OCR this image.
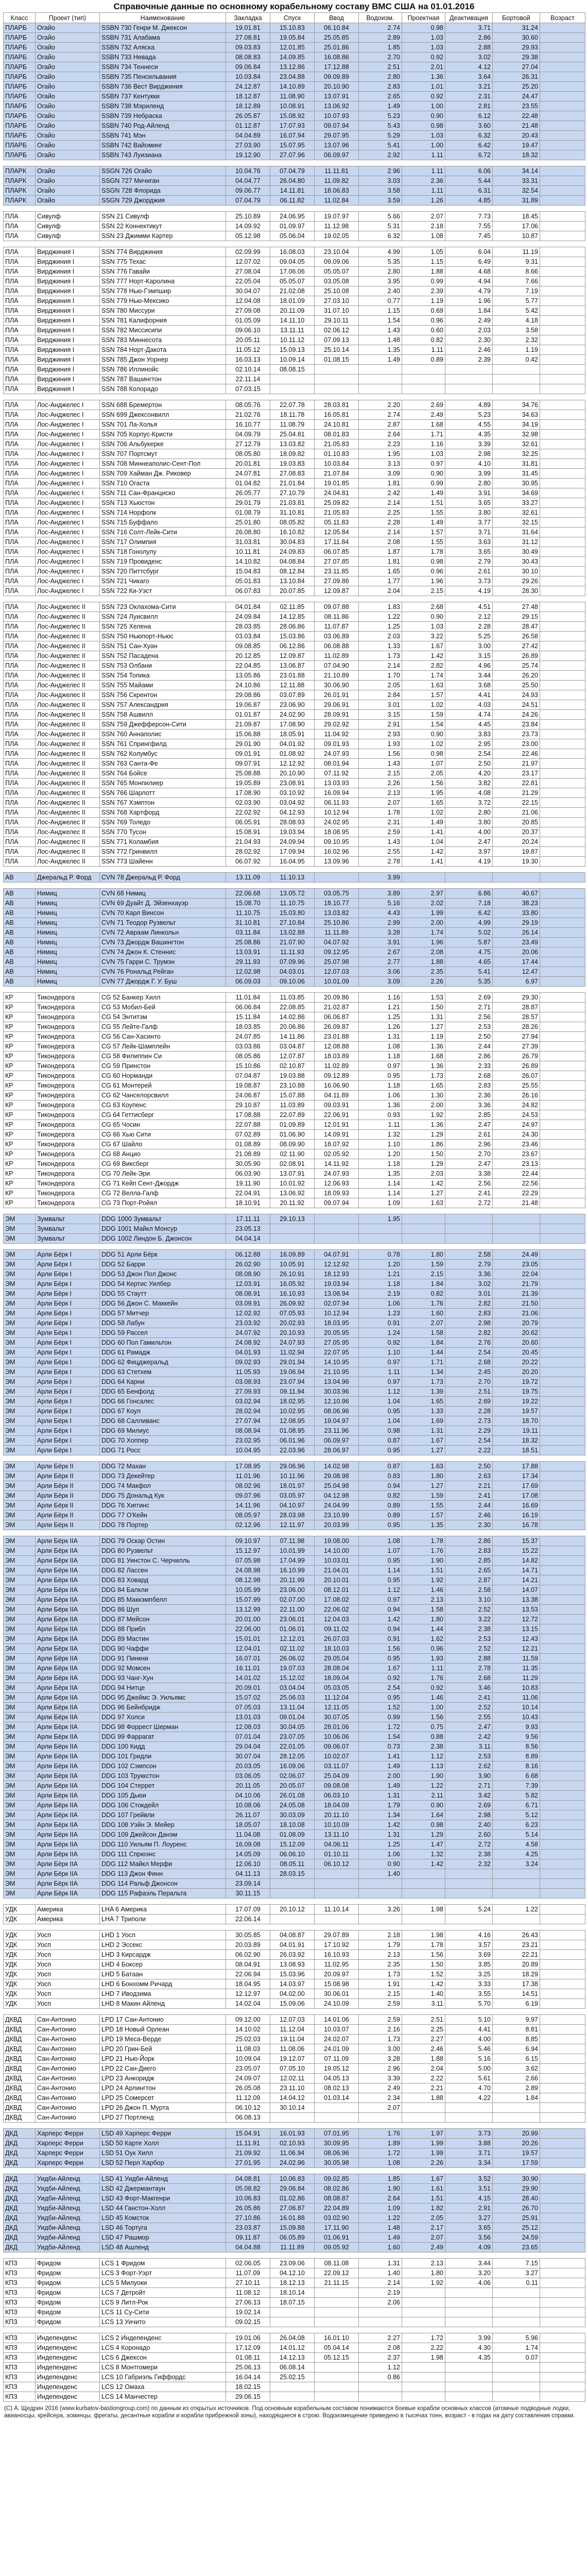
Справочные данные по основному корабельному составу ВМС США на 01.01.2016
Класс	Проект (тип)	Наименование	Закладка	Спуск	Ввод	Водоизм.	Проектная	Деактивация	Бортовой	Возраст
ПЛАРБ	Огайо	SSBN 730 Генри М. Джексон	19.01.81	15.10.83	06.10.84	2.74	0.98	3.71	31.24	
ПЛАРБ	Огайо	SSBN 731 Алабама	27.08.81	19.05.84	25.05.85	2.89	1.03	2.86	30.60	
ПЛАРБ	Огайо	SSBN 732 Аляска	09.03.83	12.01.85	25.01.86	1.85	1.03	2.88	29.93	
ПЛАРБ	Огайо	SSBN 733 Невада	08.08.83	14.09.85	16.08.86	2.70	0.92	3.02	29.38	
ПЛАРБ	Огайо	SSBN 734 Теннеси	09.06.84	13.12.86	17.12.88	2.51	2.01	4.12	27.04	
ПЛАРБ	Огайо	SSBN 735 Пенсильвания	10.03.84	23.04.88	09.09.89	2.80	1.36	3.64	26.31	
ПЛАРБ	Огайо	SSBN 736 Вест Вирджиния	24.12.87	14.10.89	20.10.90	2.83	1.01	3.21	25.20	
ПЛАРБ	Огайо	SSBN 737 Кентукки	18.12.87	11.08.90	13.07.91	2.65	0.92	2.31	24.47	
ПЛАРБ	Огайо	SSBN 738 Мэриленд	18.12.89	10.08.91	13.06.92	1.49	1.00	2.81	23.55	
ПЛАРБ	Огайо	SSBN 739 Небраска	26.05.87	15.08.92	10.07.93	5.23	0.90	6.12	22.48	
ПЛАРБ	Огайо	SSBN 740 Род-Айленд	01.12.87	17.07.93	09.07.94	5.43	0.98	3.60	21.48	
ПЛАРБ	Огайо	SSBN 741 Мэн	04.04.89	16.07.94	29.07.95	5.29	1.03	6.32	20.43	
ПЛАРБ	Огайо	SSBN 742 Вайоминг	27.03.90	15.07.95	13.07.96	5.41	1.00	6.42	19.47	
ПЛАРБ	Огайо	SSBN 743 Луизиана	19.12.90	27.07.96	06.09.97	2.92	1.11	6.72	18.32	

ПЛАРК	Огайо	SSGN 726 Огайо	10.04.76	07.04.79	11.11.81	2.96	1.11	6.06	34.14	
ПЛАРК	Огайо	SSGN 727 Мичиган	04.04.77	26.04.80	11.09.82	3.03	2.36	5.44	33.31	
ПЛАРК	Огайо	SSGN 728 Флорида	09.06.77	14.11.81	18.06.83	3.58	1.11	6.31	32.54	
ПЛАРК	Огайо	SSGN 729 Джорджия	07.04.79	06.11.82	11.02.84	3.59	1.26	4.85	31.89	

ПЛА	Сивулф	SSN 21 Сивулф	25.10.89	24.06.95	19.07.97	5.66	2.07	7.73	18.45	
ПЛА	Сивулф	SSN 22 Коннектикут	14.09.92	01.09.97	11.12.98	5.31	2.18	7.55	17.06	
ПЛА	Сивулф	SSN 23 Джимми Картер	05.12.98	05.06.04	19.02.05	6.32	1.08	7.45	10.87	

ПЛА	Вирджиния I	SSN 774 Вирджиния	02.09.99	16.08.03	23.10.04	4.99	1.05	6.04	11.19	
ПЛА	Вирджиния I	SSN 775 Техас	12.07.02	09.04.05	09.09.06	5.35	1.15	6.49	9.31	
ПЛА	Вирджиния I	SSN 776 Гавайи	27.08.04	17.06.06	05.05.07	2.80	1.88	4.68	8.66	
ПЛА	Вирджиния I	SSN 777 Норт-Каролина	22.05.04	05.05.07	03.05.08	3.95	0.99	4.94	7.66	
ПЛА	Вирджиния I	SSN 778 Нью-Гэмпшир	30.04.07	21.02.08	25.10.08	2.40	2.39	4.79	7.19	
ПЛА	Вирджиния I	SSN 779 Нью-Мексико	12.04.08	18.01.09	27.03.10	0.77	1.19	1.96	5.77	
ПЛА	Вирджиния I	SSN 780 Миссури	27.09.08	20.11.09	31.07.10	1.15	0.69	1.84	5.42	
ПЛА	Вирджиния I	SSN 781 Калифорния	01.05.09	14.11.10	29.10.11	1.54	0.96	2.49	4.18	
ПЛА	Вирджиния I	SSN 782 Миссисипи	09.06.10	13.11.11	02.06.12	1.43	0.60	2.03	3.58	
ПЛА	Вирджиния I	SSN 783 Миннесота	20.05.11	10.11.12	07.09.13	1.48	0.82	2.30	2.32	
ПЛА	Вирджиния I	SSN 784 Норт-Дакота	11.05.12	15.09.13	25.10.14	1.35	1.11	2.46	1.19	
ПЛА	Вирджиния I	SSN 785 Джон Уорнер	16.03.13	10.09.14	01.08.15	1.49	0.89	2.39	0.42	
ПЛА	Вирджиния I	SSN 786 Иллинойс	02.10.14	08.08.15						
ПЛА	Вирджиния I	SSN 787 Вашингтон	22.11.14							
ПЛА	Вирджиния I	SSN 788 Колорадо	07.03.15							

ПЛА	Лос-Анджелес I	SSN 688 Бремертон	08.05.76	22.07.78	28.03.81	2.20	2.69	4.89	34.76	
ПЛА	Лос-Анджелес I	SSN 699 Джексонвилл	21.02.76	18.11.78	16.05.81	2.74	2.49	5.23	34.63	
ПЛА	Лос-Анджелес I	SSN 701 Ла-Холья	16.10.77	11.08.79	24.10.81	2.87	1.68	4.55	34.19	
ПЛА	Лос-Анджелес I	SSN 705 Корпус-Кристи	04.09.79	25.04.81	08.01.83	2.64	1.71	4.35	32.98	
ПЛА	Лос-Анджелес I	SSN 706 Альбукерке	27.12.79	13.03.82	21.05.83	2.23	1.16	3.39	32.61	
ПЛА	Лос-Анджелес I	SSN 707 Портсмут	08.05.80	18.09.82	01.10.83	1.95	1.03	2.98	32.25	
ПЛА	Лос-Анджелес I	SSN 708 Миннеаполис-Сент-Пол	20.01.81	19.03.83	10.03.84	3.13	0.97	4.10	31.81	
ПЛА	Лос-Анджелес I	SSN 709 Хайман Дж. Риковер	24.07.81	27.08.83	21.07.84	3.09	0.90	3.99	31.45	
ПЛА	Лос-Анджелес I	SSN 710 Огаста	01.04.82	21.01.84	19.01.85	1.81	0.99	2.80	30.95	
ПЛА	Лос-Анджелес I	SSN 711 Сан-Франциско	26.05.77	27.10.79	24.04.81	2.42	1.49	3.91	34.69	
ПЛА	Лос-Анджелес I	SSN 713 Хьюстон	29.01.79	21.03.81	25.09.82	2.14	1.51	3.65	33.27	
ПЛА	Лос-Анджелес I	SSN 714 Норфолк	01.08.79	31.10.81	21.05.83	2.25	1.55	3.80	32.61	
ПЛА	Лос-Анджелес I	SSN 715 Буффало	25.01.80	08.05.82	05.11.83	2.28	1.49	3.77	32.15	
ПЛА	Лос-Анджелес I	SSN 716 Солт-Лейк-Сити	26.08.80	16.10.82	12.05.84	2.14	1.57	3.71	31.64	
ПЛА	Лос-Анджелес I	SSN 717 Олимпия	31.03.81	30.04.83	17.11.84	2.08	1.55	3.63	31.12	
ПЛА	Лос-Анджелес I	SSN 718 Гонолулу	10.11.81	24.09.83	06.07.85	1.87	1.78	3.65	30.49	
ПЛА	Лос-Анджелес I	SSN 719 Провиденс	14.10.82	04.08.84	27.07.85	1.81	0.98	2.79	30.43	
ПЛА	Лос-Анджелес I	SSN 720 Питтсбург	15.04.83	08.12.84	23.11.85	1.65	0.96	2.61	30.10	
ПЛА	Лос-Анджелес I	SSN 721 Чикаго	05.01.83	13.10.84	27.09.86	1.77	1.96	3.73	29.26	
ПЛА	Лос-Анджелес I	SSN 722 Ки-Уэст	06.07.83	20.07.85	12.09.87	2.04	2.15	4.19	28.30	

ПЛА	Лос-Анджелес II	SSN 723 Оклахома-Сити	04.01.84	02.11.85	09.07.88	1.83	2.68	4.51	27.48	
ПЛА	Лос-Анджелес II	SSN 724 Луисвилл	24.09.84	14.12.85	08.11.86	1.22	0.90	2.12	29.15	
ПЛА	Лос-Анджелес II	SSN 725 Хелена	28.03.85	28.06.86	11.07.87	1.25	1.03	2.28	28.47	
ПЛА	Лос-Анджелес II	SSN 750 Ньюпорт-Ньюс	03.03.84	15.03.86	03.06.89	2.03	3.22	5.25	26.58	
ПЛА	Лос-Анджелес II	SSN 751 Сан-Хуан	09.08.85	06.12.86	06.08.88	1.33	1.67	3.00	27.42	
ПЛА	Лос-Анджелес II	SSN 752 Пасадена	20.12.85	12.09.87	11.02.89	1.73	1.42	3.15	26.89	
ПЛА	Лос-Анджелес II	SSN 753 Олбани	22.04.85	13.06.87	07.04.90	2.14	2.82	4.96	25.74	
ПЛА	Лос-Анджелес II	SSN 754 Топика	13.05.86	23.01.88	21.10.89	1.70	1.74	3.44	26.20	
ПЛА	Лос-Анджелес II	SSN 755 Майами	24.10.86	12.11.88	30.06.90	2.05	1.63	3.68	25.50	
ПЛА	Лос-Анджелес II	SSN 756 Скрентон	29.08.86	03.07.89	26.01.91	2.84	1.57	4.41	24.93	
ПЛА	Лос-Анджелес II	SSN 757 Александрия	19.06.87	23.06.90	29.06.91	3.01	1.02	4.03	24.51	
ПЛА	Лос-Анджелес II	SSN 758 Ашвилл	01.01.87	24.02.90	28.09.91	3.15	1.59	4.74	24.26	
ПЛА	Лос-Анджелес II	SSN 759 Джефферсон-Сити	21.09.87	17.08.90	29.02.92	2.91	1.54	4.45	23.84	
ПЛА	Лос-Анджелес II	SSN 760 Аннаполис	15.06.88	18.05.91	11.04.92	2.93	0.90	3.83	23.73	
ПЛА	Лос-Анджелес II	SSN 761 Спрингфилд	29.01.90	04.01.92	09.01.93	1.93	1.02	2.95	23.00	
ПЛА	Лос-Анджелес II	SSN 762 Колумбус	09.01.91	01.08.92	24.07.93	1.56	0.98	2.54	22.46	
ПЛА	Лос-Анджелес II	SSN 763 Санта-Фе	09.07.91	12.12.92	08.01.94	1.43	1.07	2.50	21.97	
ПЛА	Лос-Анджелес II	SSN 764 Бойсе	25.08.88	20.10.90	07.11.92	2.15	2.05	4.20	23.17	
ПЛА	Лос-Анджелес II	SSN 765 Монпилиер	19.05.89	23.08.91	13.03.93	2.26	1.56	3.82	22.81	
ПЛА	Лос-Анджелес II	SSN 766 Шарлотт	17.08.90	03.10.92	16.09.94	2.13	1.95	4.08	21.29	
ПЛА	Лос-Анджелес II	SSN 767 Хэмптон	02.03.90	03.04.92	06.11.93	2.07	1.65	3.72	22.15	
ПЛА	Лос-Анджелес II	SSN 768 Хартфорд	22.02.92	04.12.93	10.12.94	1.78	1.02	2.80	21.06	
ПЛА	Лос-Анджелес II	SSN 769 Толедо	06.05.91	28.08.93	24.02.95	2.31	1.49	3.80	20.85	
ПЛА	Лос-Анджелес II	SSN 770 Тусон	15.08.91	19.03.94	18.08.95	2.59	1.41	4.00	20.37	
ПЛА	Лос-Анджелес II	SSN 771 Коламбия	21.04.93	24.09.94	09.10.95	1.43	1.04	2.47	20.24	
ПЛА	Лос-Анджелес II	SSN 772 Гринвилл	28.02.92	17.09.94	16.02.96	2.55	1.42	3.97	19.87	
ПЛА	Лос-Анджелес II	SSN 773 Шайенн	06.07.92	16.04.95	13.09.96	2.78	1.41	4.19	19.30	

АВ	Джеральд Р. Форд	CVN 78 Джеральд Р. Форд	13.11.09	11.10.13		3.99				

АВ	Нимиц	CVN 68 Нимиц	22.06.68	13.05.72	03.05.75	3.89	2.97	6.86	40.67	
АВ	Нимиц	CVN 69 Дуайт Д. Эйзенхауэр	15.08.70	11.10.75	18.10.77	5.16	2.02	7.18	38.23	
АВ	Нимиц	CVN 70 Карл Винсон	11.10.75	15.03.80	13.03.82	4.43	1.99	6.42	33.80	
АВ	Нимиц	CVN 71 Теодор Рузвельт	31.10.81	27.10.84	25.10.86	2.99	2.00	4.99	29.19	
АВ	Нимиц	CVN 72 Авраам Линкольн	03.11.84	13.02.88	11.11.89	3.28	1.74	5.02	26.14	
АВ	Нимиц	CVN 73 Джордж Вашингтон	25.08.86	21.07.90	04.07.92	3.91	1.96	5.87	23.49	
АВ	Нимиц	CVN 74 Джон К. Стеннис	13.03.91	11.11.93	09.12.95	2.67	2.08	4.75	20.06	
АВ	Нимиц	CVN 75 Гарри С. Трумэн	29.11.93	07.09.96	25.07.98	2.77	1.88	4.65	17.44	
АВ	Нимиц	CVN 76 Рональд Рейган	12.02.98	04.03.01	12.07.03	3.06	2.35	5.41	12.47	
АВ	Нимиц	CVN 77 Джордж Г. У. Буш	06.09.03	09.10.06	10.01.09	3.09	2.26	5.35	6.97	

КР	Тикондерога	CG 52 Банкер Хилл	11.01.84	11.03.85	20.09.86	1.16	1.53	2.69	29.30	
КР	Тикондерога	CG 53 Мобил-Бей	06.06.84	22.08.85	21.02.87	1.21	1.50	2.71	28.87	
КР	Тикондерога	CG 54 Энтитэм	15.11.84	14.02.86	06.06.87	1.25	1.31	2.56	28.57	
КР	Тикондерога	CG 55 Лейте-Галф	18.03.85	20.06.86	26.09.87	1.26	1.27	2.53	28.26	
КР	Тикондерога	CG 56 Сан-Хасинто	24.07.85	14.11.86	23.01.88	1.31	1.19	2.50	27.94	
КР	Тикондерога	CG 57 Лейк-Шамплейн	03.03.86	03.04.87	12.08.88	1.08	1.36	2.44	27.39	
КР	Тикондерога	CG 58 Филиппин Си	08.05.86	12.07.87	18.03.89	1.18	1.68	2.86	26.79	
КР	Тикондерога	CG 59 Принстон	15.10.86	02.10.87	11.02.89	0.97	1.36	2.33	26.89	
КР	Тикондерога	CG 60 Норманди	07.04.87	19.03.88	09.12.89	0.95	1.73	2.68	26.07	
КР	Тикондерога	CG 61 Монтерей	19.08.87	23.10.88	16.06.90	1.18	1.65	2.83	25.55	
КР	Тикондерога	CG 62 Чанселорсвилл	24.06.87	15.07.88	04.11.89	1.06	1.30	2.36	26.16	
КР	Тикондерога	CG 63 Коупенс	29.10.87	11.03.89	09.03.91	1.36	2.00	3.36	24.82	
КР	Тикондерога	CG 64 Геттисберг	17.08.88	22.07.89	22.06.91	0.93	1.92	2.85	24.53	
КР	Тикондерога	CG 65 Чосин	22.07.88	01.09.89	12.01.91	1.11	1.36	2.47	24.97	
КР	Тикондерога	CG 66 Хью Сити	07.02.89	01.06.90	14.09.91	1.32	1.29	2.61	24.30	
КР	Тикондерога	CG 67 Шайло	01.08.89	08.09.90	18.07.92	1.10	1.86	2.96	23.46	
КР	Тикондерога	CG 68 Анцио	21.08.89	02.11.90	02.05.92	1.20	1.50	2.70	23.67	
КР	Тикондерога	CG 69 Виксберг	30.05.90	02.08.91	14.11.92	1.18	1.29	2.47	23.13	
КР	Тикондерога	CG 70 Лейк-Эри	06.03.90	13.07.91	24.07.93	1.35	2.03	3.38	22.44	
КР	Тикондерога	CG 71 Кейп Сент-Джордж	19.11.90	10.01.92	12.06.93	1.14	1.42	2.56	22.56	
КР	Тикондерога	CG 72 Велла-Галф	22.04.91	13.06.92	18.09.93	1.14	1.27	2.41	22.29	
КР	Тикондерога	CG 73 Порт-Ройял	18.10.91	20.11.92	09.07.94	1.09	1.63	2.72	21.48	

ЭМ	Зумвальт	DDG 1000 Зумвальт	17.11.11	29.10.13		1.95				
ЭМ	Зумвальт	DDG 1001 Майкл Монсур	23.05.13							
ЭМ	Зумвальт	DDG 1002 Линдон Б. Джонсон	04.04.14							

ЭМ	Арли Бёрк I	DDG 51 Арли Бёрк	06.12.88	16.09.89	04.07.91	0.78	1.80	2.58	24.49	
ЭМ	Арли Бёрк I	DDG 52 Барри	26.02.90	10.05.91	12.12.92	1.20	1.59	2.79	23.05	
ЭМ	Арли Бёрк I	DDG 53 Джон Пол Джонс	08.08.90	26.10.91	18.12.93	1.21	2.15	3.36	22.04	
ЭМ	Арли Бёрк I	DDG 54 Кертис Уилбер	12.03.91	16.05.92	19.03.94	1.18	1.84	3.02	21.79	
ЭМ	Арли Бёрк I	DDG 55 Стаутт	08.08.91	16.10.93	13.08.94	2.19	0.82	3.01	21.39	
ЭМ	Арли Бёрк I	DDG 56 Джон С. Маккейн	03.09.91	26.09.92	02.07.94	1.06	1.76	2.82	21.50	
ЭМ	Арли Бёрк I	DDG 57 Митчер	12.02.92	07.05.93	10.12.94	1.23	1.60	2.83	21.06	
ЭМ	Арли Бёрк I	DDG 58 Лабун	23.03.92	20.02.93	18.03.95	0.91	2.07	2.98	20.79	
ЭМ	Арли Бёрк I	DDG 59 Рассел	24.07.92	20.10.93	20.05.95	1.24	1.58	2.82	20.62	
ЭМ	Арли Бёрк I	DDG 60 Пол Гамильтон	24.08.92	24.07.93	27.05.95	0.92	1.84	2.76	20.60	
ЭМ	Арли Бёрк I	DDG 61 Рамадж	04.01.93	11.02.94	22.07.95	1.10	1.44	2.54	20.45	
ЭМ	Арли Бёрк I	DDG 62 Фицджеральд	09.02.93	29.01.94	14.10.95	0.97	1.71	2.68	20.22	
ЭМ	Арли Бёрк I	DDG 63 Стетхем	11.05.93	19.06.94	21.10.95	1.11	1.34	2.45	20.20	
ЭМ	Арли Бёрк I	DDG 64 Карни	03.08.93	23.07.94	13.04.96	0.97	1.73	2.70	19.72	
ЭМ	Арли Бёрк I	DDG 65 Бенфолд	27.09.93	09.11.94	30.03.96	1.12	1.39	2.51	19.75	
ЭМ	Арли Бёрк I	DDG 66 Гонсалес	03.02.94	18.02.95	12.10.96	1.04	1.65	2.69	19.22	
ЭМ	Арли Бёрк I	DDG 67 Коул	28.02.94	10.02.95	08.06.96	0.95	1.33	2.28	19.57	
ЭМ	Арли Бёрк I	DDG 68 Салливанс	27.07.94	12.08.95	19.04.97	1.04	1.69	2.73	18.70	
ЭМ	Арли Бёрк I	DDG 69 Милиус	08.08.94	01.08.95	23.11.96	0.98	1.31	2.29	19.11	
ЭМ	Арли Бёрк I	DDG 70 Хоппер	23.02.95	06.01.96	06.09.97	0.87	1.67	2.54	18.32	
ЭМ	Арли Бёрк I	DDG 71 Росс	10.04.95	22.03.96	28.06.97	0.95	1.27	2.22	18.51	

ЭМ	Арли Бёрк II	DDG 72 Махан	17.08.95	29.06.96	14.02.98	0.87	1.63	2.50	17.88	
ЭМ	Арли Бёрк II	DDG 73 Декейтер	11.01.96	10.11.96	29.08.98	0.83	1.80	2.63	17.34	
ЭМ	Арли Бёрк II	DDG 74 Макфол	08.02.96	18.01.97	25.04.98	0.94	1.27	2.21	17.69	
ЭМ	Арли Бёрк II	DDG 75 Дональд Кук	09.07.96	03.05.97	04.12.98	0.82	1.59	2.41	17.08	
ЭМ	Арли Бёрк II	DDG 76 Хиггинс	14.11.96	04.10.97	24.04.99	0.89	1.55	2.44	16.69	
ЭМ	Арли Бёрк II	DDG 77 О'Кейн	08.05.97	28.03.98	23.10.99	0.89	1.57	2.46	16.19	
ЭМ	Арли Бёрк II	DDG 78 Портер	02.12.96	12.11.97	20.03.99	0.95	1.35	2.30	16.78	

ЭМ	Арли Бёрк IIA	DDG 79 Оскар Остин	09.10.97	07.11.98	19.08.00	1.08	1.78	2.86	15.37	
ЭМ	Арли Бёрк IIA	DDG 80 Рузвельт	15.12.97	10.01.99	14.10.00	1.07	1.76	2.83	15.22	
ЭМ	Арли Бёрк IIA	DDG 81 Уинстон С. Черчилль	07.05.98	17.04.99	10.03.01	0.95	1.90	2.85	14.82	
ЭМ	Арли Бёрк IIA	DDG 82 Лассен	24.08.98	16.10.99	21.04.01	1.14	1.51	2.65	14.71	
ЭМ	Арли Бёрк IIA	DDG 83 Ховард	08.12.98	20.11.99	20.10.01	0.95	1.92	2.87	14.21	
ЭМ	Арли Бёрк IIA	DDG 84 Балкли	10.05.99	23.06.00	08.12.01	1.12	1.46	2.58	14.07	
ЭМ	Арли Бёрк IIA	DDG 85 Маккэмпбелл	15.07.99	02.07.00	17.08.02	0.97	2.13	3.10	13.38	
ЭМ	Арли Бёрк IIA	DDG 86 Шуп	13.12.99	22.11.00	22.06.02	0.94	1.58	2.52	13.53	
ЭМ	Арли Бёрк IIA	DDG 87 Мейсон	20.01.00	23.06.01	12.04.03	1.42	1.80	3.22	12.72	
ЭМ	Арли Бёрк IIA	DDG 88 Прибл	22.06.00	01.06.01	09.11.02	0.94	1.44	2.38	13.15	
ЭМ	Арли Бёрк IIA	DDG 89 Мастин	15.01.01	12.12.01	26.07.03	0.91	1.62	2.53	12.43	
ЭМ	Арли Бёрк IIA	DDG 90 Чаффи	12.04.01	02.11.02	18.10.03	1.56	0.96	2.52	12.21	
ЭМ	Арли Бёрк IIA	DDG 91 Пинкни	16.07.01	26.06.02	29.05.04	0.95	1.93	2.88	11.59	
ЭМ	Арли Бёрк IIA	DDG 92 Момсен	16.11.01	19.07.03	28.08.04	1.67	1.11	2.78	11.35	
ЭМ	Арли Бёрк IIA	DDG 93 Чанг-Хун	14.01.02	15.12.02	18.09.04	0.92	1.76	2.68	11.29	
ЭМ	Арли Бёрк IIA	DDG 94 Нитце	20.09.01	03.04.04	05.03.05	2.54	0.92	3.46	10.83	
ЭМ	Арли Бёрк IIA	DDG 95 Джеймс Э. Уильямс	15.07.02	25.06.03	11.12.04	0.95	1.46	2.41	11.06	
ЭМ	Арли Бёрк IIA	DDG 96 Бейнбридж	07.05.03	13.11.04	12.11.05	1.52	1.00	2.52	10.14	
ЭМ	Арли Бёрк IIA	DDG 97 Холси	13.01.03	09.01.04	30.07.05	0.99	1.56	2.55	10.43	
ЭМ	Арли Бёрк IIA	DDG 98 Форрест Шерман	12.08.03	30.04.05	28.01.06	1.72	0.75	2.47	9.93	
ЭМ	Арли Бёрк IIA	DDG 99 Фаррагат	07.01.04	23.07.05	10.06.06	1.54	0.88	2.42	9.56	
ЭМ	Арли Бёрк IIA	DDG 100 Кидд	29.04.04	22.01.05	09.06.07	0.73	2.38	3.11	8.56	
ЭМ	Арли Бёрк IIA	DDG 101 Гридли	30.07.04	28.12.05	10.02.07	1.41	1.12	2.53	8.89	
ЭМ	Арли Бёрк IIA	DDG 102 Сэмпсон	20.03.05	16.09.06	03.11.07	1.49	1.13	2.62	8.16	
ЭМ	Арли Бёрк IIA	DDG 103 Труккстон	03.06.05	02.06.07	25.04.09	2.00	1.90	3.90	6.68	
ЭМ	Арли Бёрк IIA	DDG 104 Стеррет	20.11.05	20.05.07	09.08.08	1.49	1.22	2.71	7.39	
ЭМ	Арли Бёрк IIA	DDG 105 Дьюи	04.10.06	26.01.08	06.03.10	1.31	2.11	3.42	5.82	
ЭМ	Арли Бёрк IIA	DDG 106 Стокдейл	10.08.06	24.05.08	18.04.09	1.79	0.90	2.69	6.71	
ЭМ	Арли Бёрк IIA	DDG 107 Грейвли	26.11.07	30.03.09	20.11.10	1.34	1.64	2.98	5.12	
ЭМ	Арли Бёрк IIA	DDG 108 Уэйн Э. Мейер	18.05.07	18.10.08	10.10.09	1.42	0.98	2.40	6.23	
ЭМ	Арли Бёрк IIA	DDG 109 Джейсон Данэм	11.04.08	01.08.09	13.11.10	1.31	1.29	2.60	5.14	
ЭМ	Арли Бёрк IIA	DDG 110 Уильям П. Лоуренс	16.09.08	15.12.09	04.06.11	1.25	1.47	2.72	4.58	
ЭМ	Арли Бёрк IIA	DDG 111 Спрюэнс	14.05.09	06.06.10	01.10.11	1.06	1.32	2.38	4.25	
ЭМ	Арли Бёрк IIA	DDG 112 Майкл Мерфи	12.06.10	08.05.11	06.10.12	0.90	1.42	2.32	3.24	
ЭМ	Арли Бёрк IIA	DDG 113 Джон Финн	04.11.13	28.03.15		1.40				
ЭМ	Арли Бёрк IIA	DDG 114 Ральф Джонсон	23.09.14							
ЭМ	Арли Бёрк IIA	DDG 115 Рафаэль Перальта	30.11.15							

УДК	Америка	LHA 6 Америка	17.07.09	20.10.12	11.10.14	3.26	1.98	5.24	1.22	
УДК	Америка	LHA 7 Триполи	22.06.14							

УДК	Уосп	LHD 1 Уосп	30.05.85	04.08.87	29.07.89	2.18	1.98	4.16	26.43	
УДК	Уосп	LHD 2 Эссекс	20.03.89	04.01.91	17.10.92	1.79	1.78	3.57	23.21	
УДК	Уосп	LHD 3 Кирсардж	06.02.90	26.03.92	16.10.93	2.13	1.56	3.69	22.21	
УДК	Уосп	LHD 4 Боксер	08.04.91	13.08.93	11.02.95	2.35	1.50	3.85	20.89	
УДК	Уосп	LHD 5 Батаан	22.06.94	15.03.96	20.09.97	1.73	1.52	3.25	18.29	
УДК	Уосп	LHD 6 Бонхомм Ричард	18.04.95	14.03.97	15.08.98	1.91	1.42	3.33	17.38	
УДК	Уосп	LHD 7 Иводзима	12.12.97	04.02.00	30.06.01	2.15	1.40	3.55	14.51	
УДК	Уосп	LHD 8 Макин Айленд	14.02.04	15.09.06	24.10.09	2.59	3.11	5.70	6.19	

ДКВД	Сан-Антонио	LPD 17 Сан-Антонио	09.12.00	12.07.03	14.01.06	2.59	2.51	5.10	9.97	
ДКВД	Сан-Антонио	LPD 18 Новый Орлеан	14.10.02	11.12.04	10.03.07	2.16	2.25	4.41	8.81	
ДКВД	Сан-Антонио	LPD 19 Меса-Верде	25.02.03	19.11.04	24.02.07	1.73	2.27	4.00	8.85	
ДКВД	Сан-Антонио	LPD 20 Грин-Бей	11.08.03	11.08.06	24.01.09	3.00	2.46	5.46	6.94	
ДКВД	Сан-Антонио	LPD 21 Нью-Йорк	10.09.04	19.12.07	07.11.09	3.28	1.88	5.16	6.15	
ДКВД	Сан-Антонио	LPD 22 Сан-Диего	23.05.07	07.05.10	19.05.12	2.96	2.04	5.00	3.62	
ДКВД	Сан-Антонио	LPD 23 Анкоридж	24.09.07	12.02.11	04.05.13	3.39	2.22	5.61	2.66	
ДКВД	Сан-Антонио	LPD 24 Арлингтон	26.05.08	23.11.10	08.02.13	2.49	2.21	4.70	2.89	
ДКВД	Сан-Антонио	LPD 25 Сомерсет	11.12.09	14.04.12	01.03.14	2.34	1.88	4.22	1.84	
ДКВД	Сан-Антонио	LPD 26 Джон П. Мурта	06.10.12	30.10.14		2.07				
ДКВД	Сан-Антонио	LPD 27 Портленд	06.08.13							

ДКД	Харперс Ферри	LSD 49 Харперс Ферри	15.04.91	16.01.93	07.01.95	1.76	1.97	3.73	20.99	
ДКД	Харперс Ферри	LSD 50 Карте Холл	11.11.91	02.10.93	30.09.95	1.89	1.99	3.88	20.26	
ДКД	Харперс Ферри	LSD 51 Оук Хилл	21.09.92	11.06.94	08.06.96	1.72	1.99	3.71	19.57	
ДКД	Харперс Ферри	LSD 52 Перл Харбор	27.01.95	24.02.96	30.05.98	1.08	2.26	3.34	17.59	

ДКД	Уидби-Айленд	LSD 41 Уидби-Айленд	04.08.81	10.06.83	09.02.85	1.85	1.67	3.52	30.90	
ДКД	Уидби-Айленд	LSD 42 Джермантаун	05.08.82	29.06.84	08.02.86	1.90	1.61	3.51	29.90	
ДКД	Уидби-Айленд	LSD 43 Форт-Макгенри	10.06.83	01.02.86	08.08.87	2.64	1.51	4.15	28.40	
ДКД	Уидби-Айленд	LSD 44 Ганстон-Холл	26.05.86	27.06.87	22.04.89	1.09	1.82	2.91	26.70	
ДКД	Уидби-Айленд	LSD 45 Комсток	27.10.86	16.01.88	03.02.90	1.22	2.05	3.27	25.91	
ДКД	Уидби-Айленд	LSD 46 Тортуга	23.03.87	15.09.88	17.11.90	1.48	2.17	3.65	25.12	
ДКД	Уидби-Айленд	LSD 47 Рашмор	09.11.87	06.05.89	01.06.91	1.49	2.07	3.56	24.59	
ДКД	Уидби-Айленд	LSD 48 Ашленд	04.04.88	11.11.89	09.05.92	1.60	2.49	4.09	23.65	

КПЗ	Фридом	LCS 1 Фридом	02.06.05	23.09.06	08.11.08	1.31	2.13	3.44	7.15	
КПЗ	Фридом	LCS 3 Форт-Уэрт	11.07.09	04.12.10	22.09.12	1.40	1.80	3.20	3.27	
КПЗ	Фридом	LCS 5 Милуоки	27.10.11	18.12.13	21.11.15	2.14	1.92	4.06	0.11	
КПЗ	Фридом	LCS 7 Детройт	11.08.12	18.10.14		2.19				
КПЗ	Фридом	LCS 9 Литл-Рок	27.06.13	18.07.15		2.06				
КПЗ	Фридом	LCS 11 Су-Сити	19.02.14							
КПЗ	Фридом	LCS 13 Уичито	09.02.15							

КПЗ	Индепенденс	LCS 2 Индепенденс	19.01.06	26.04.08	16.01.10	2.27	1.72	3.99	5.96	
КПЗ	Индепенденс	LCS 4 Коронадо	17.12.09	14.01.12	05.04.14	2.08	2.22	4.30	1.74	
КПЗ	Индепенденс	LCS 6 Джексон	01.08.11	14.12.13	05.12.15	2.37	1.98	4.35	0.07	
КПЗ	Индепенденс	LCS 8 Монтгомери	25.06.13	06.08.14		1.12				
КПЗ	Индепенденс	LCS 10 Габриэль Гиффордс	16.04.14	25.02.15		0.86				
КПЗ	Индепенденс	LCS 12 Омаха	18.02.15							
КПЗ	Индепенденс	LCS 14 Манчестер	29.06.15							
(С) А. Щедрин 2016 (www.kurbatov-bastiongroup.com) по данным из открытых источников. Под основным корабельным составом понимаются боевые корабли основных классов (атомные подводные лодки, авианосцы, крейсера, эсминцы, фрегаты, десантные корабли и корабли прибрежной зоны), находящиеся в строю. Водоизмещение приведено в тысячах тонн, возраст - в годах на дату составления справки.
